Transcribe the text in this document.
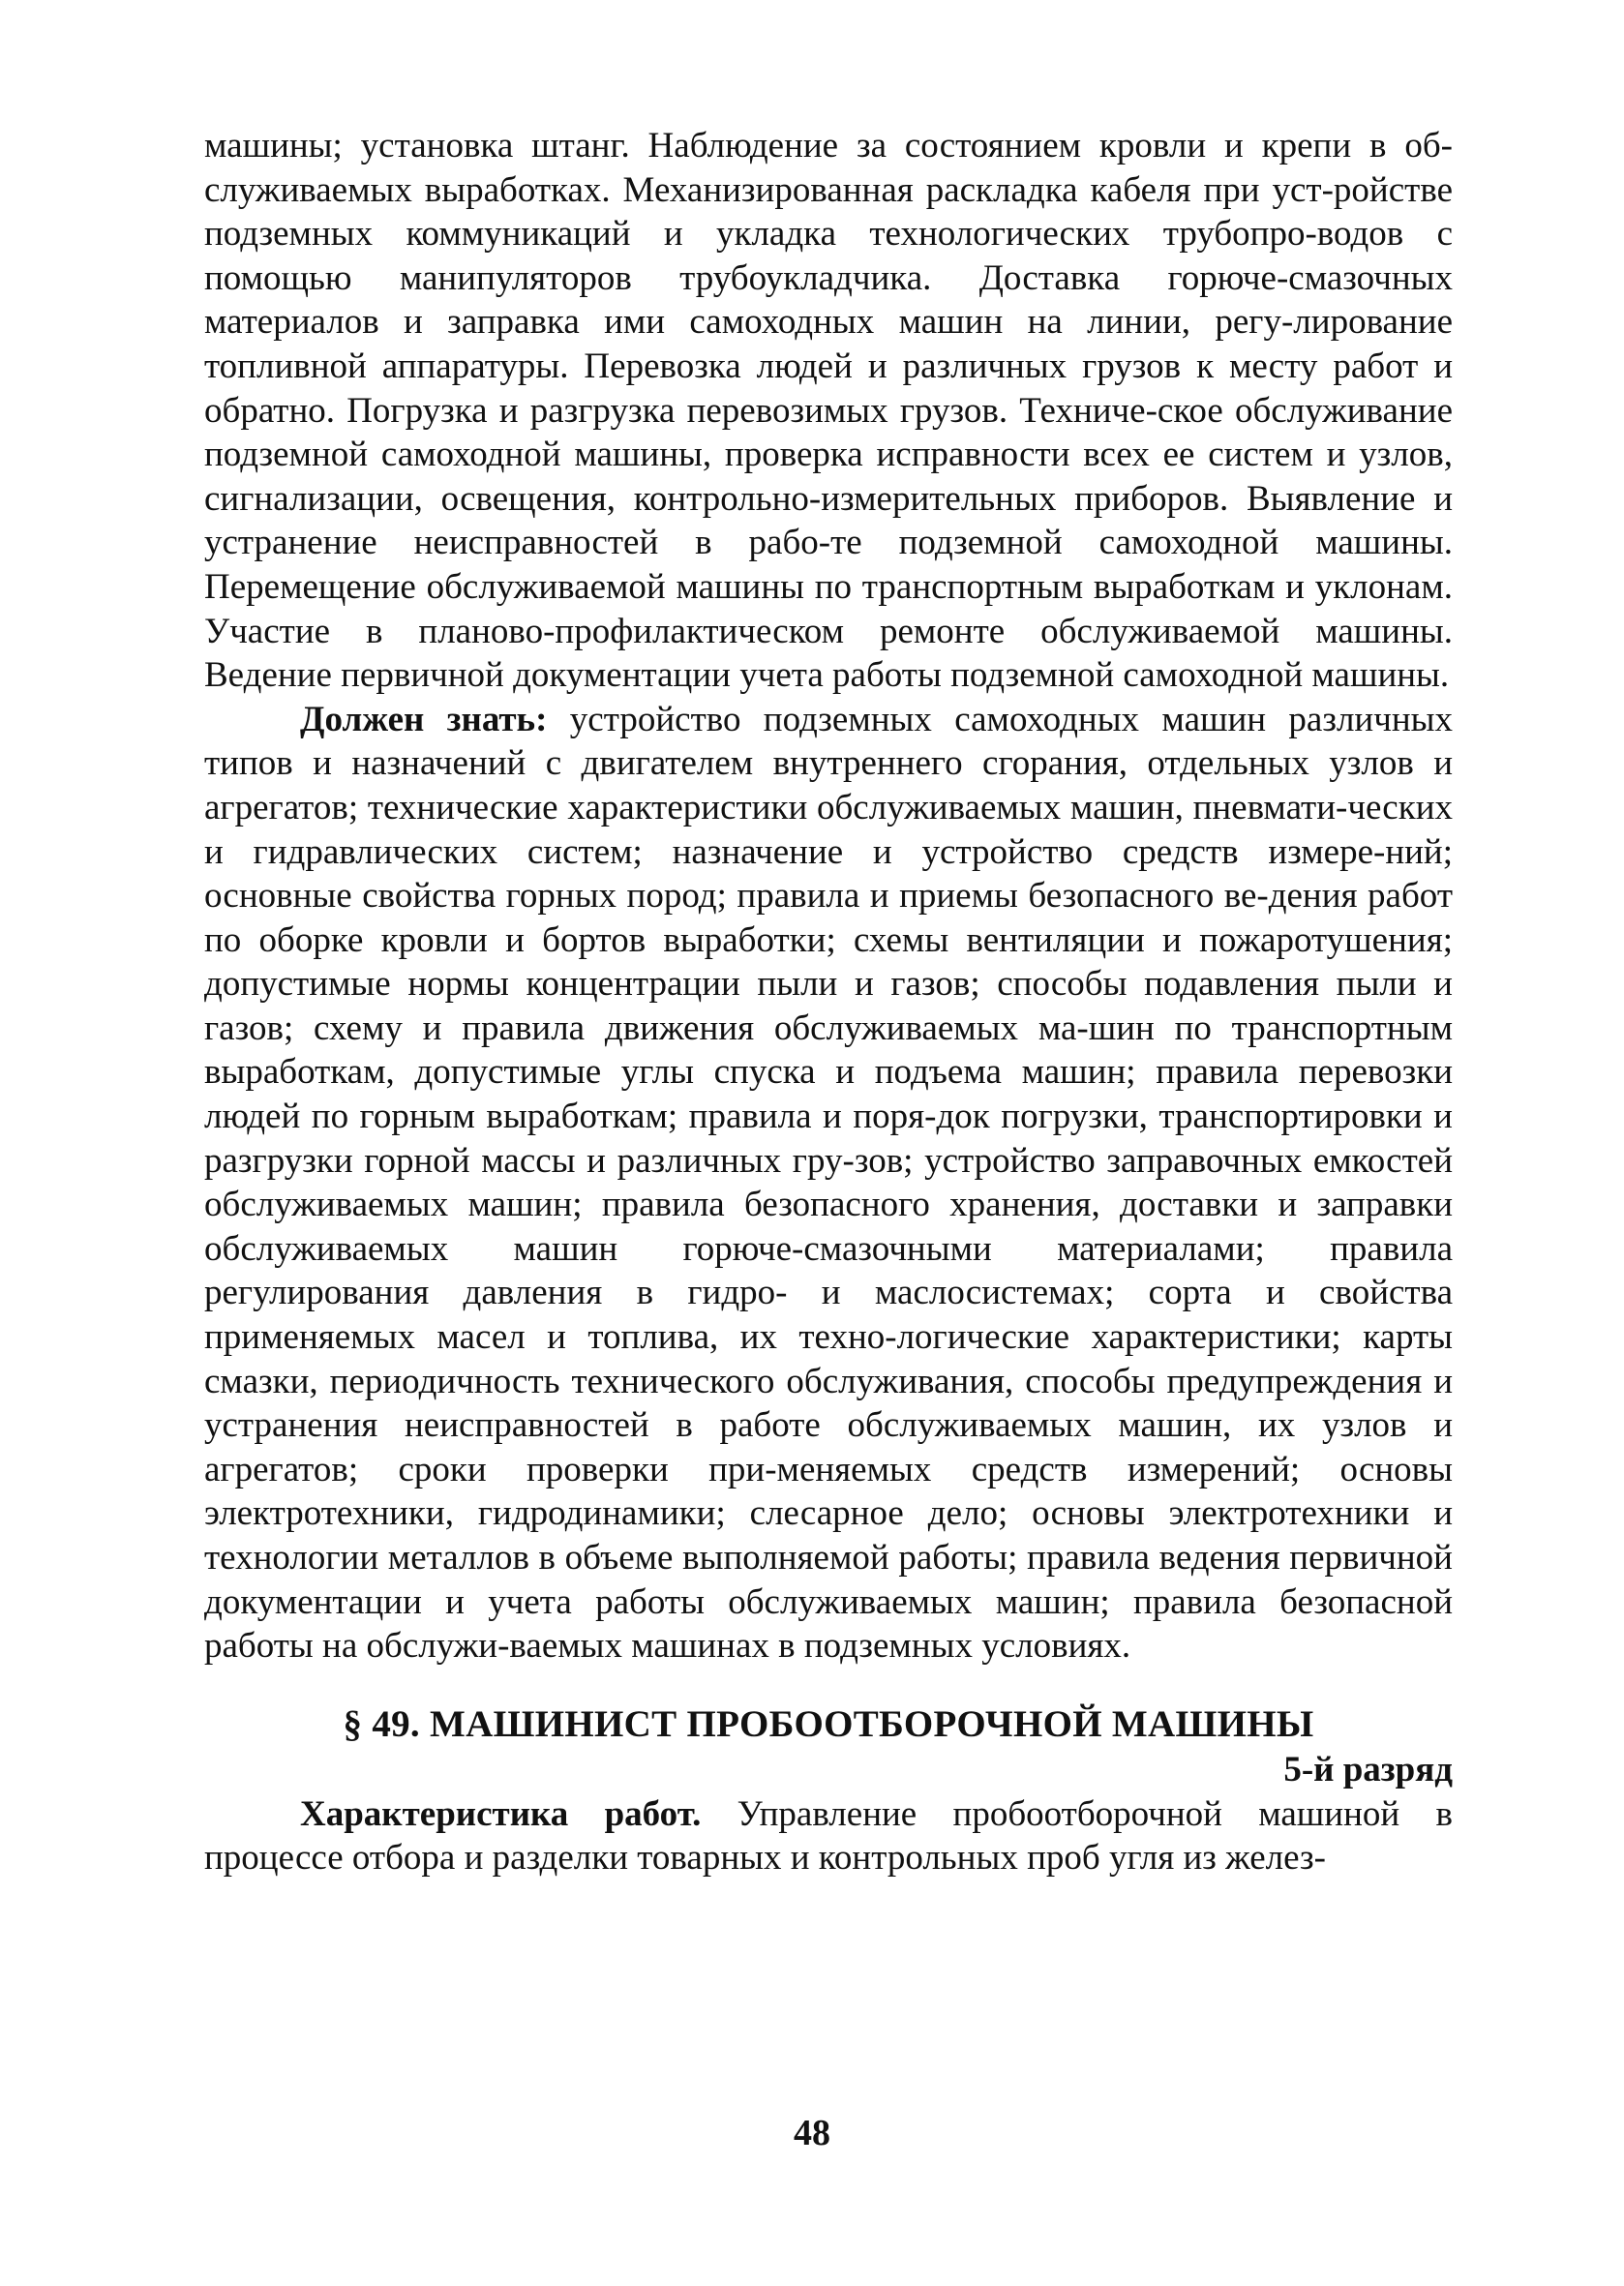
машины; установка штанг. Наблюдение за состоянием кровли и крепи в об-служиваемых выработках. Механизированная раскладка кабеля при уст-ройстве подземных коммуникаций и укладка технологических трубопро-водов с помощью манипуляторов трубоукладчика. Доставка горюче-смазочных материалов и заправка ими самоходных машин на линии, регу-лирование топливной аппаратуры. Перевозка людей и различных грузов к месту работ и обратно. Погрузка и разгрузка перевозимых грузов. Техниче-ское обслуживание подземной самоходной машины, проверка исправности всех ее систем и узлов, сигнализации, освещения, контрольно-измерительных приборов. Выявление и устранение неисправностей в рабо-те подземной самоходной машины. Перемещение обслуживаемой машины по транспортным выработкам и уклонам. Участие в планово-профилактическом ремонте обслуживаемой машины. Ведение первичной документации учета работы подземной самоходной машины.

Должен знать: устройство подземных самоходных машин различных типов и назначений с двигателем внутреннего сгорания, отдельных узлов и агрегатов; технические характеристики обслуживаемых машин, пневмати-ческих и гидравлических систем; назначение и устройство средств измере-ний; основные свойства горных пород; правила и приемы безопасного ве-дения работ по оборке кровли и бортов выработки; схемы вентиляции и пожаротушения; допустимые нормы концентрации пыли и газов; способы подавления пыли и газов; схему и правила движения обслуживаемых ма-шин по транспортным выработкам, допустимые углы спуска и подъема машин; правила перевозки людей по горным выработкам; правила и поря-док погрузки, транспортировки и разгрузки горной массы и различных гру-зов; устройство заправочных емкостей обслуживаемых машин; правила безопасного хранения, доставки и заправки обслуживаемых машин горюче-смазочными материалами; правила регулирования давления в гидро- и маслосистемах; сорта и свойства применяемых масел и топлива, их техно-логические характеристики; карты смазки, периодичность технического обслуживания, способы предупреждения и устранения неисправностей в работе обслуживаемых машин, их узлов и агрегатов; сроки проверки при-меняемых средств измерений; основы электротехники, гидродинамики; слесарное дело; основы электротехники и технологии металлов в объеме выполняемой работы; правила ведения первичной документации и учета работы обслуживаемых машин; правила безопасной работы на обслужи-ваемых машинах в подземных условиях.

§ 49. МАШИНИСТ ПРОБООТБОРОЧНОЙ МАШИНЫ

5-й разряд

Характеристика работ. Управление пробоотборочной машиной в процессе отбора и разделки товарных и контрольных проб угля из желез-

48
